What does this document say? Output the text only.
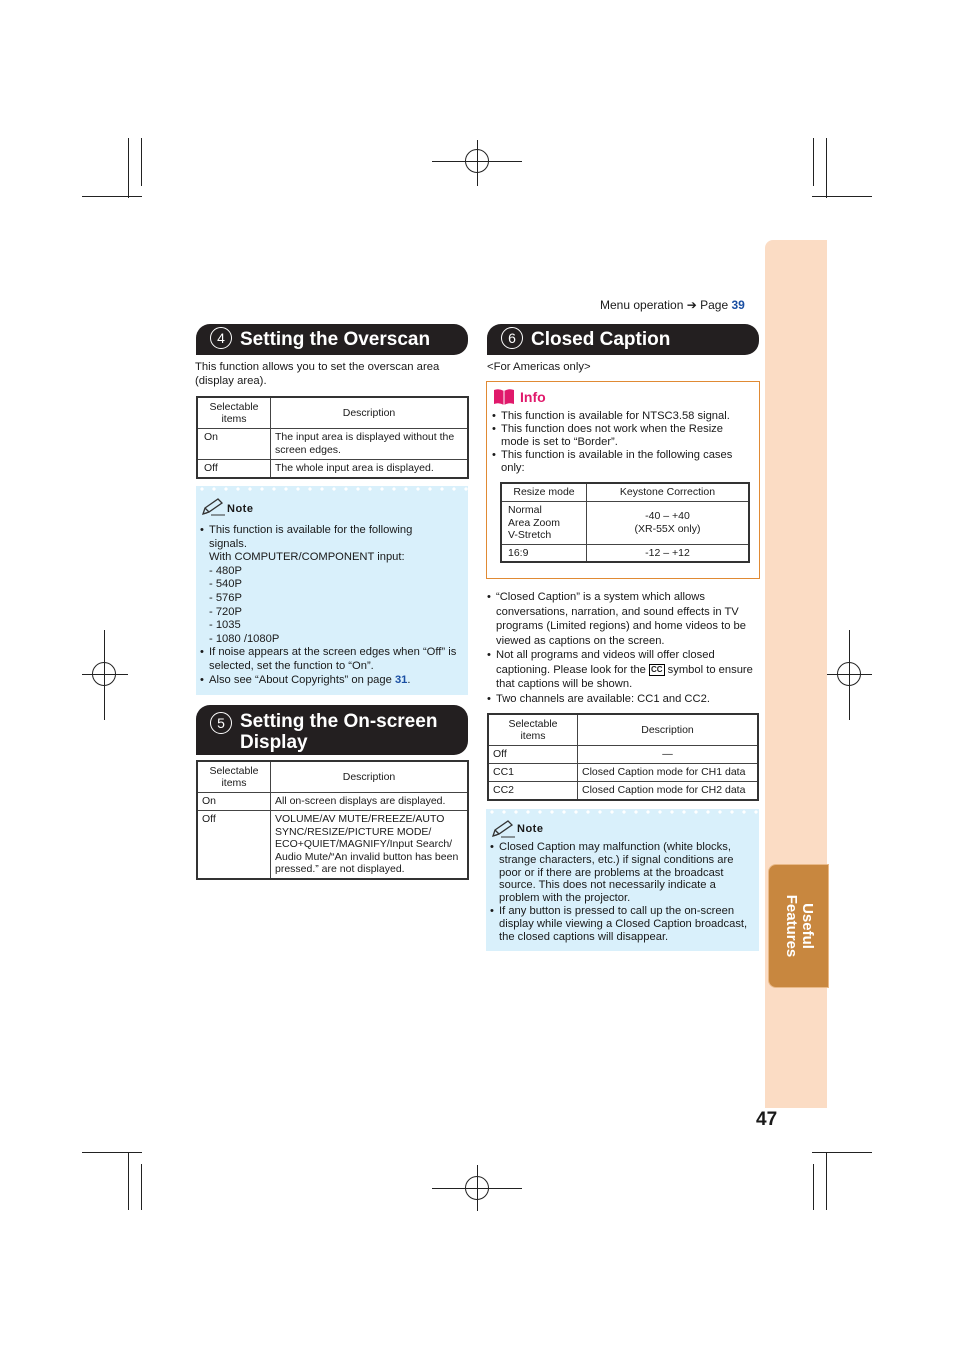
Useful
Features
Menu operation ➔ Page 39
4 Setting the Overscan
This function allows you to set the overscan area (display area).
Selectable
items	Description
On	The input area is displayed without the screen edges.
Off	The whole input area is displayed.
Note
• This function is available for the following
signals.
With COMPUTER/COMPONENT input:
- 480P
- 540P
- 576P
- 720P
- 1035
- 1080 /1080P
• If noise appears at the screen edges when “Off” is selected, set the function to “On”.
• Also see “About Copyrights” on page 31.
5 Setting the On-screen
Display
Selectable
items	Description
On	All on-screen displays are displayed.
Off	VOLUME/AV MUTE/FREEZE/AUTO SYNC/RESIZE/PICTURE MODE/ ECO+QUIET/MAGNIFY/Input Search/ Audio Mute/“An invalid button has been pressed.” are not displayed.
6 Closed Caption
<For Americas only>
Info
• This function is available for NTSC3.58 signal.
• This function does not work when the Resize mode is set to “Border”.
• This function is available in the following cases only:
Resize mode	Keystone Correction
Normal
Area Zoom
V-Stretch	-40 – +40
(XR-55X only)
16:9	-12 – +12
• “Closed Caption” is a system which allows conversations, narration, and sound effects in TV programs (Limited regions) and home videos to be viewed as captions on the screen.
• Not all programs and videos will offer closed captioning. Please look for the CC symbol to ensure that captions will be shown.
• Two channels are available: CC1 and CC2.
Selectable
items	Description
Off	—
CC1	Closed Caption mode for CH1 data
CC2	Closed Caption mode for CH2 data
Note
• Closed Caption may malfunction (white blocks, strange characters, etc.) if signal conditions are poor or if there are problems at the broadcast source. This does not necessarily indicate a problem with the projector.
• If any button is pressed to call up the on-screen display while viewing a Closed Caption broadcast, the closed captions will disappear.
47
